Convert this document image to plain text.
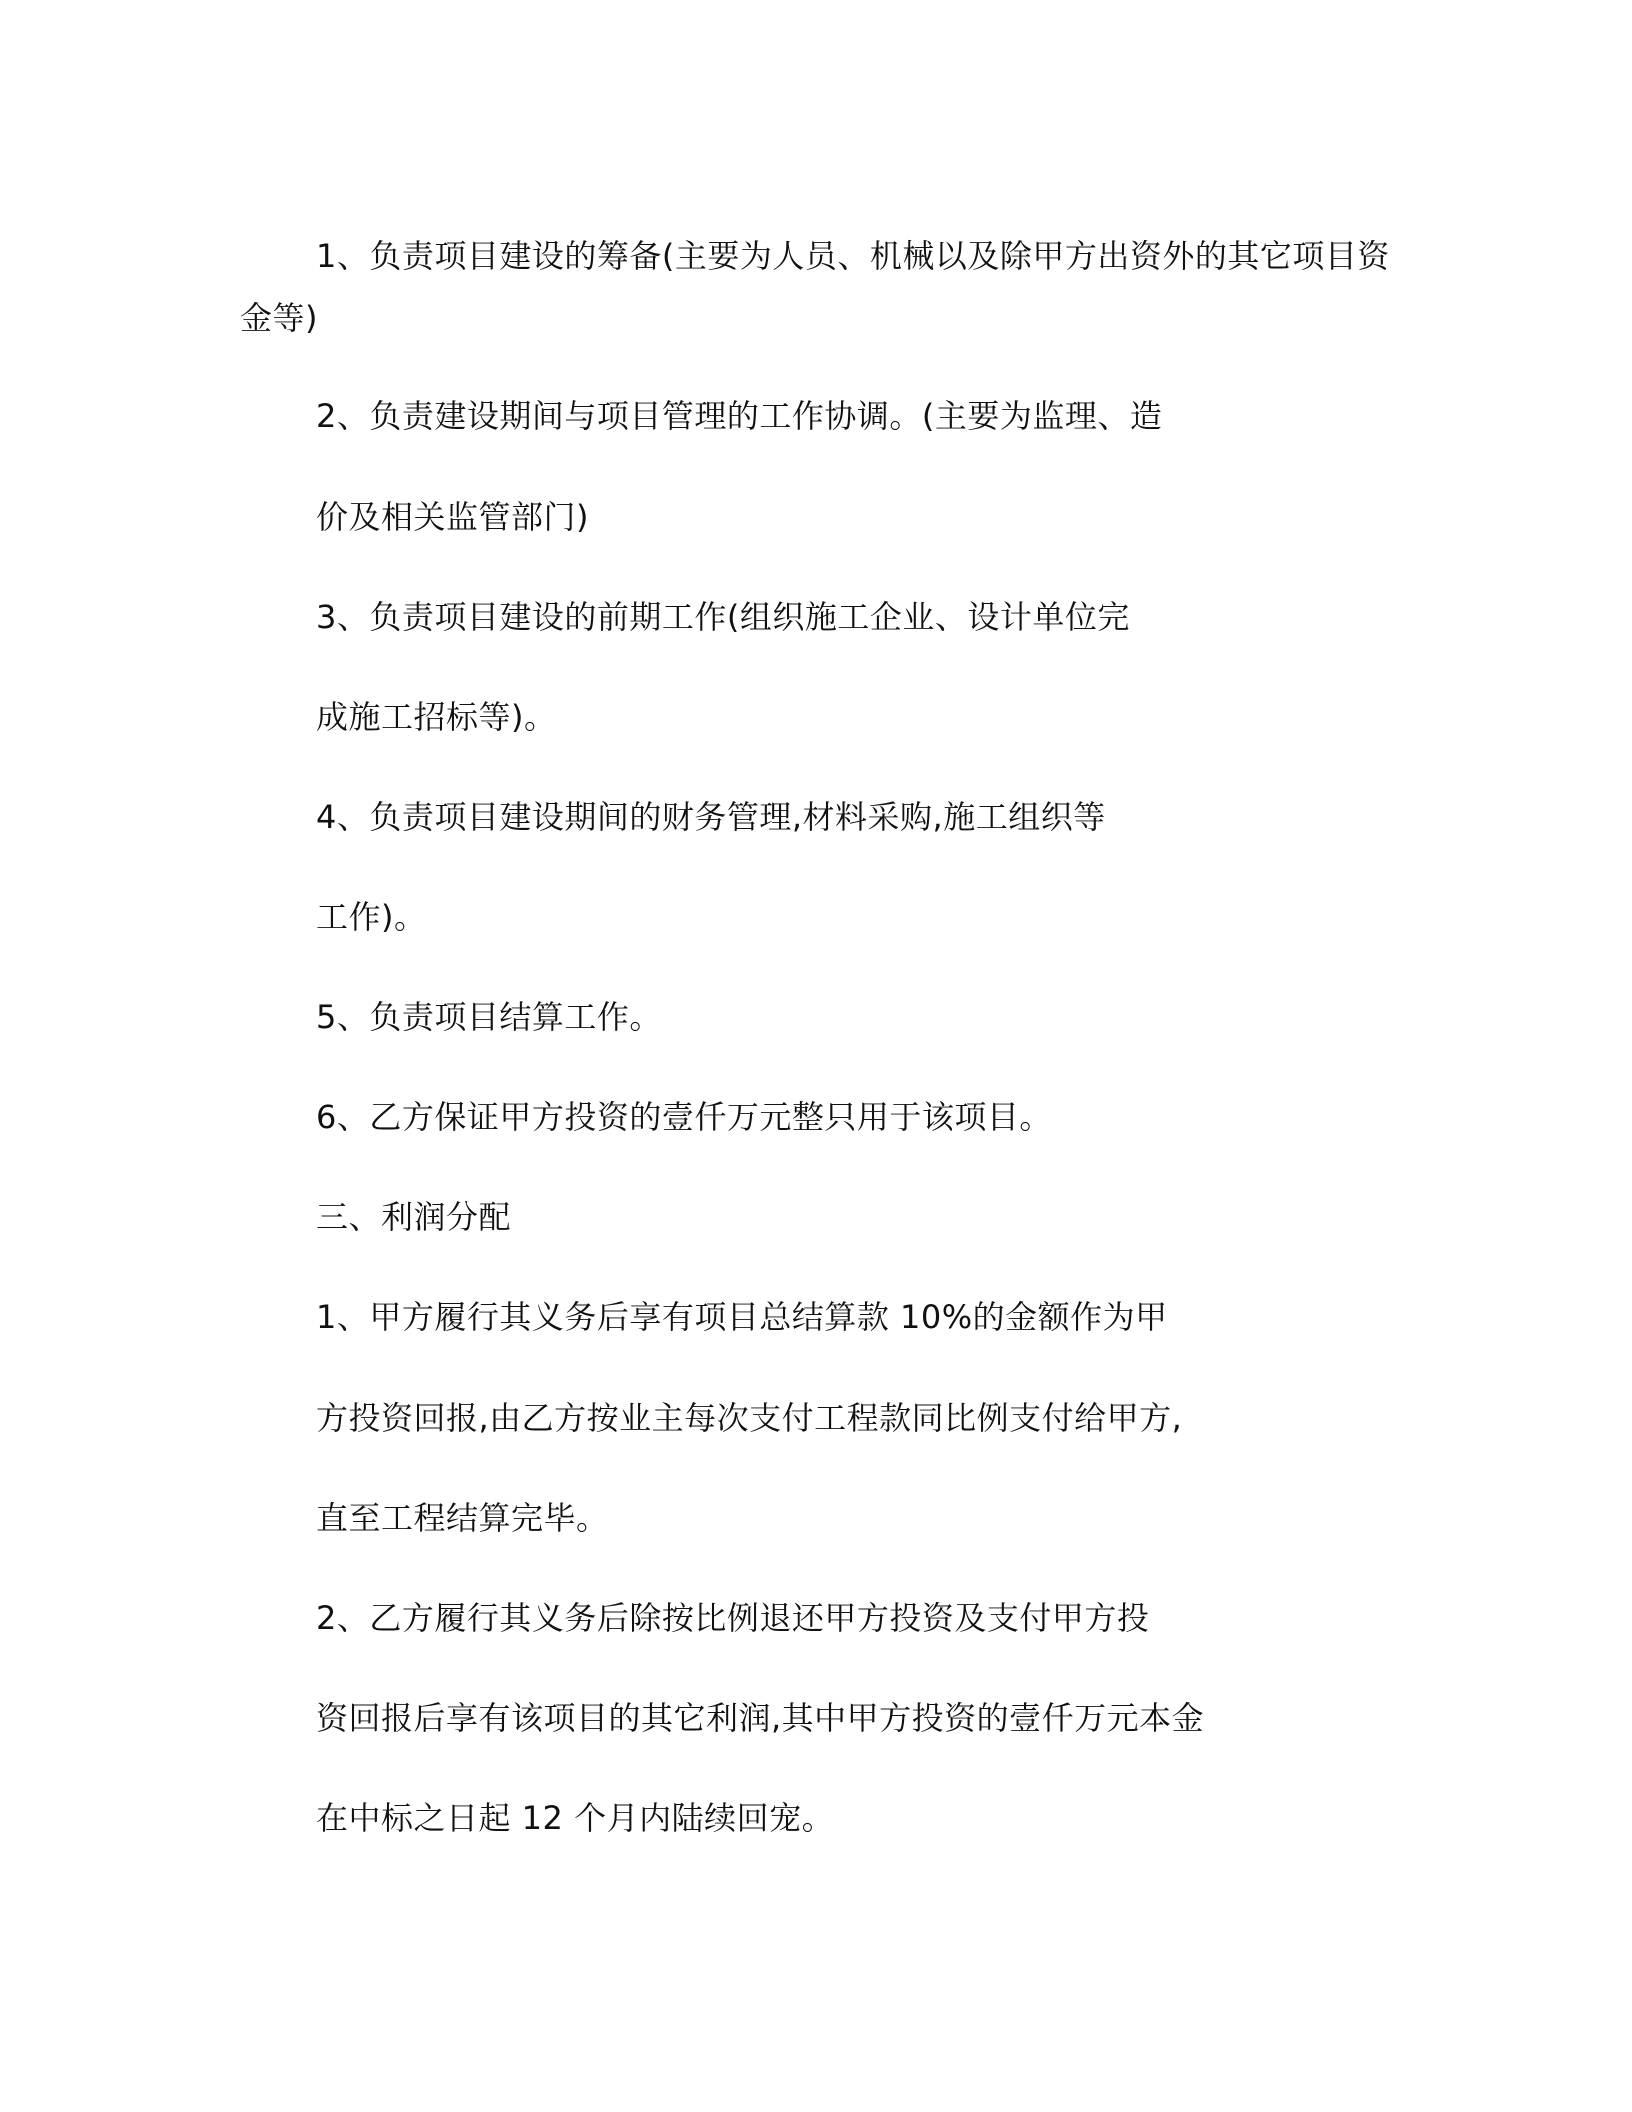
1、负责项目建设的筹备(主要为人员、机械以及除甲方出资外的其它项目资
金等)
2、负责建设期间与项目管理的工作协调。(主要为监理、造
价及相关监管部门)
3、负责项目建设的前期工作(组织施工企业、设计单位完
成施工招标等)。
4、负责项目建设期间的财务管理,材料采购,施工组织等
工作)。
5、负责项目结算工作。
6、乙方保证甲方投资的壹仟万元整只用于该项目。
三、利润分配
1、甲方履行其义务后享有项目总结算款 10%的金额作为甲
方投资回报,由乙方按业主每次支付工程款同比例支付给甲方,
直至工程结算完毕。
2、乙方履行其义务后除按比例退还甲方投资及支付甲方投
资回报后享有该项目的其它利润,其中甲方投资的壹仟万元本金
在中标之日起 12 个月内陆续回宠。
